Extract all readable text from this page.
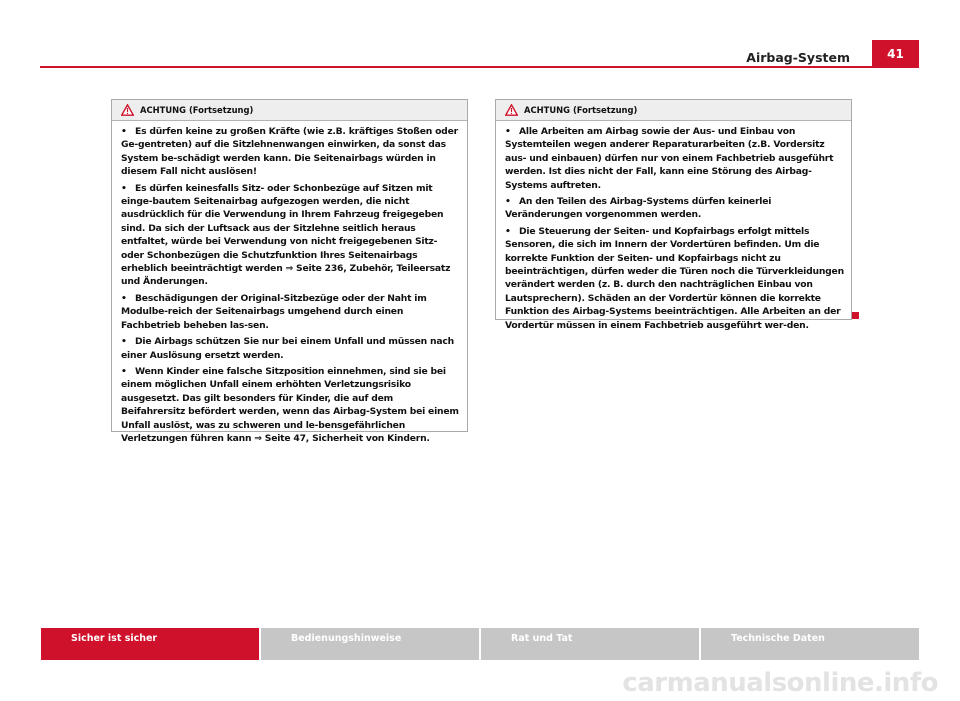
Airbag-System	41
ACHTUNG (Fortsetzung)

• Es dürfen keine zu großen Kräfte (wie z.B. kräftiges Stoßen oder Ge-gentreten) auf die Sitzlehnenwangen einwirken, da sonst das System be-schädigt werden kann. Die Seitenairbags würden in diesem Fall nicht auslösen!

• Es dürfen keinesfalls Sitz- oder Schonbezüge auf Sitzen mit einge-bautem Seitenairbag aufgezogen werden, die nicht ausdrücklich für die Verwendung in Ihrem Fahrzeug freigegeben sind. Da sich der Luftsack aus der Sitzlehne seitlich heraus entfaltet, würde bei Verwendung von nicht freigegebenen Sitz- oder Schonbezügen die Schutzfunktion Ihres Seitenairbags erheblich beeinträchtigt werden ⇒ Seite 236, Zubehör, Teileersatz und Änderungen.

• Beschädigungen der Original-Sitzbezüge oder der Naht im Modulbe-reich der Seitenairbags umgehend durch einen Fachbetrieb beheben las-sen.

• Die Airbags schützen Sie nur bei einem Unfall und müssen nach einer Auslösung ersetzt werden.

• Wenn Kinder eine falsche Sitzposition einnehmen, sind sie bei einem möglichen Unfall einem erhöhten Verletzungsrisiko ausgesetzt. Das gilt besonders für Kinder, die auf dem Beifahrersitz befördert werden, wenn das Airbag-System bei einem Unfall auslöst, was zu schweren und le-bensgefährlichen Verletzungen führen kann ⇒ Seite 47, Sicherheit von Kindern.

ACHTUNG (Fortsetzung)

• Alle Arbeiten am Airbag sowie der Aus- und Einbau von Systemteilen wegen anderer Reparaturarbeiten (z.B. Vordersitz aus- und einbauen) dürfen nur von einem Fachbetrieb ausgeführt werden. Ist dies nicht der Fall, kann eine Störung des Airbag-Systems auftreten.

• An den Teilen des Airbag-Systems dürfen keinerlei Veränderungen vorgenommen werden.

• Die Steuerung der Seiten- und Kopfairbags erfolgt mittels Sensoren, die sich im Innern der Vordertüren befinden. Um die korrekte Funktion der Seiten- und Kopfairbags nicht zu beeinträchtigen, dürfen weder die Türen noch die Türverkleidungen verändert werden (z. B. durch den nachträglichen Einbau von Lautsprechern). Schäden an der Vordertür können die korrekte Funktion des Airbag-Systems beeinträchtigen. Alle Arbeiten an der Vordertür müssen in einem Fachbetrieb ausgeführt wer-den.

Sicher ist sicher	Bedienungshinweise	Rat und Tat	Technische Daten
carmanualsonline.info
